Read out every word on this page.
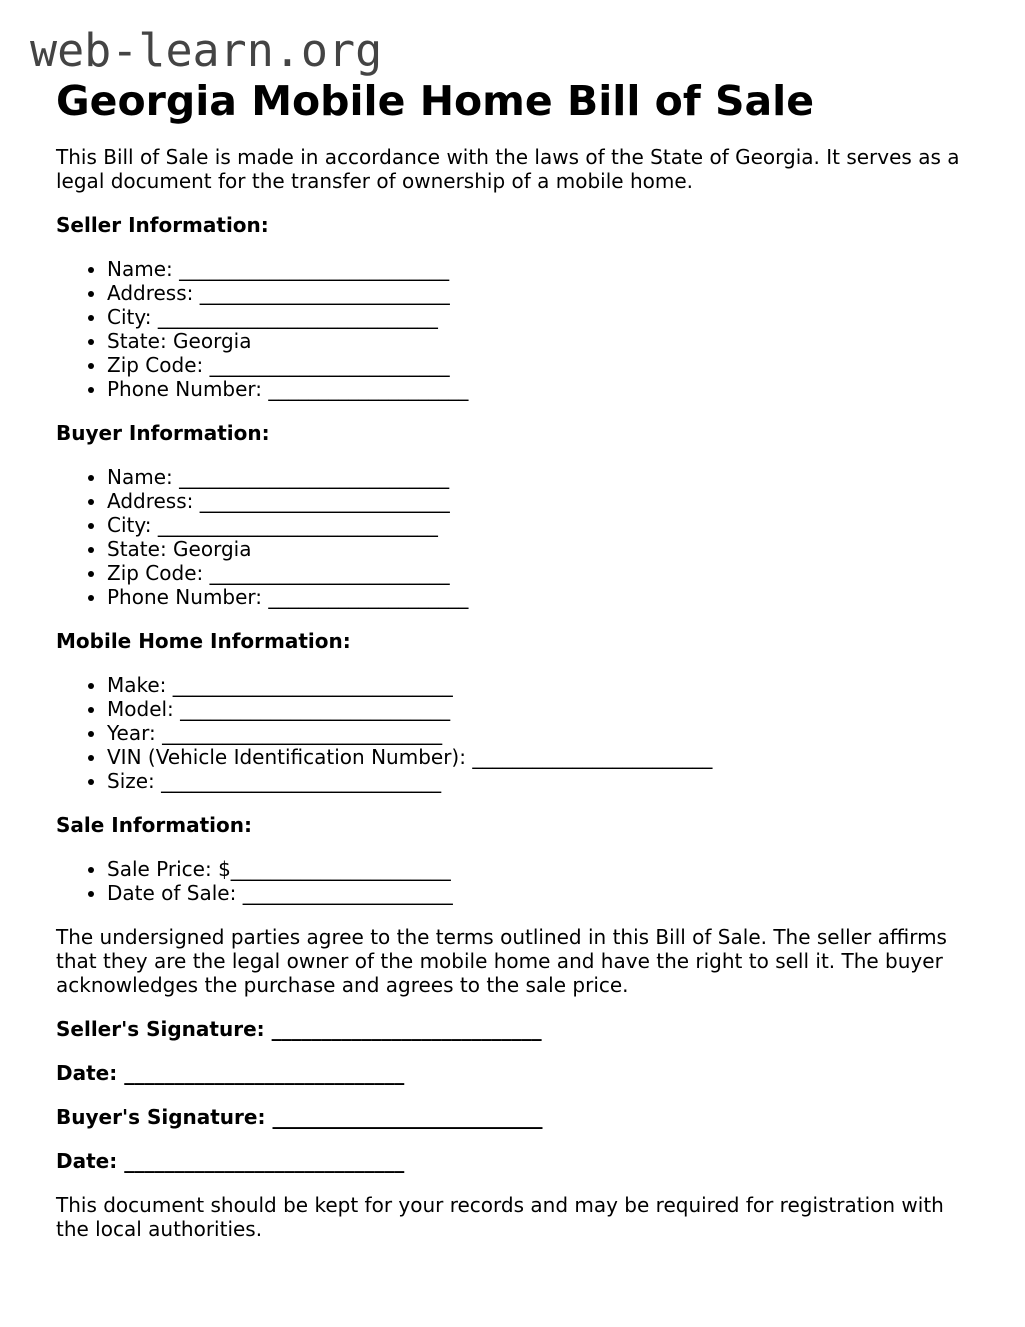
web-learn.org
Georgia Mobile Home Bill of Sale

This Bill of Sale is made in accordance with the laws of the State of Georgia. It serves as a legal document for the transfer of ownership of a mobile home.

Seller Information:
• Name: ___________________________
• Address: _________________________
• City: ____________________________
• State: Georgia
• Zip Code: ________________________
• Phone Number: ____________________
Buyer Information:
• Name: ___________________________
• Address: _________________________
• City: ____________________________
• State: Georgia
• Zip Code: ________________________
• Phone Number: ____________________
Mobile Home Information:
• Make: ____________________________
• Model: ___________________________
• Year: ____________________________
• VIN (Vehicle Identification Number): ________________________
• Size: ____________________________
Sale Information:
• Sale Price: $______________________
• Date of Sale: _____________________

The undersigned parties agree to the terms outlined in this Bill of Sale. The seller affirms that they are the legal owner of the mobile home and have the right to sell it. The buyer acknowledges the purchase and agrees to the sale price.

Seller's Signature: ___________________________

Date: ____________________________

Buyer's Signature: ___________________________

Date: ____________________________

This document should be kept for your records and may be required for registration with the local authorities.
